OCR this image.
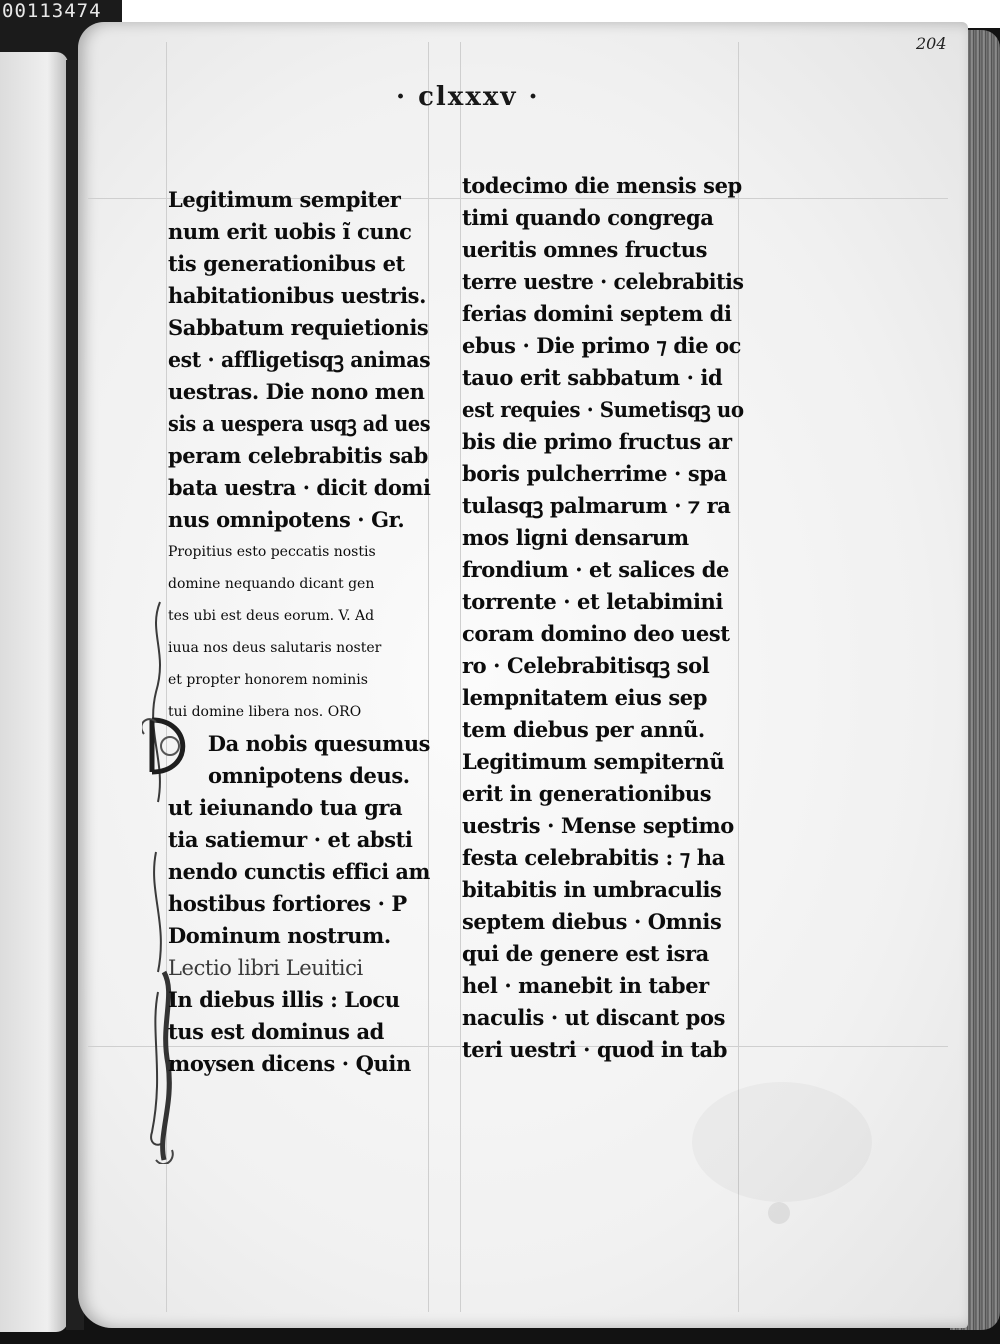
00113474
204
· clxxxv ·
Legitimum sempiter
num erit uobis ĩ cunc
tis generationibus et
habitationibus uestris.
Sabbatum requietionis
est · affligetisqꝫ animas
uestras. Die nono men
sis a uespera usqꝫ ad ues
peram celebrabitis sab
bata uestra · dicit domi
nus omnipotens · Gr.
Propitius esto peccatis nostis
domine nequando dicant gen
tes ubi est deus eorum. V. Ad
iuua nos deus salutaris noster
et propter honorem nominis
tui domine libera nos. ORO
Da nobis quesumus
omnipotens deus.
ut ieiunando tua gra
tia satiemur · et absti
nendo cunctis effici am
hostibus fortiores · P
Dominum nostrum.
Lectio libri Leuitici
In diebus illis : Locu
tus est dominus ad
moysen dicens · Quin
todecimo die mensis sep
timi quando congrega
ueritis omnes fructus
terre uestre · celebrabitis
ferias domini septem di
ebus · Die primo ⁊ die oc
tauo erit sabbatum · id
est requies · Sumetisqꝫ uo
bis die primo fructus ar
boris pulcherrime · spa
tulasqꝫ palmarum · ⁊ ra
mos ligni densarum
frondium · et salices de
torrente · et letabimini
coram domino deo uest
ro · Celebrabitisqꝫ sol
lempnitatem eius sep
tem diebus per annũ.
Legitimum sempiternũ
erit in generationibus
uestris · Mense septimo
festa celebrabitis : ⁊ ha
bitabitis in umbraculis
septem diebus · Omnis
qui de genere est isra
hel · manebit in taber
naculis · ut discant pos
teri uestri · quod in tab
